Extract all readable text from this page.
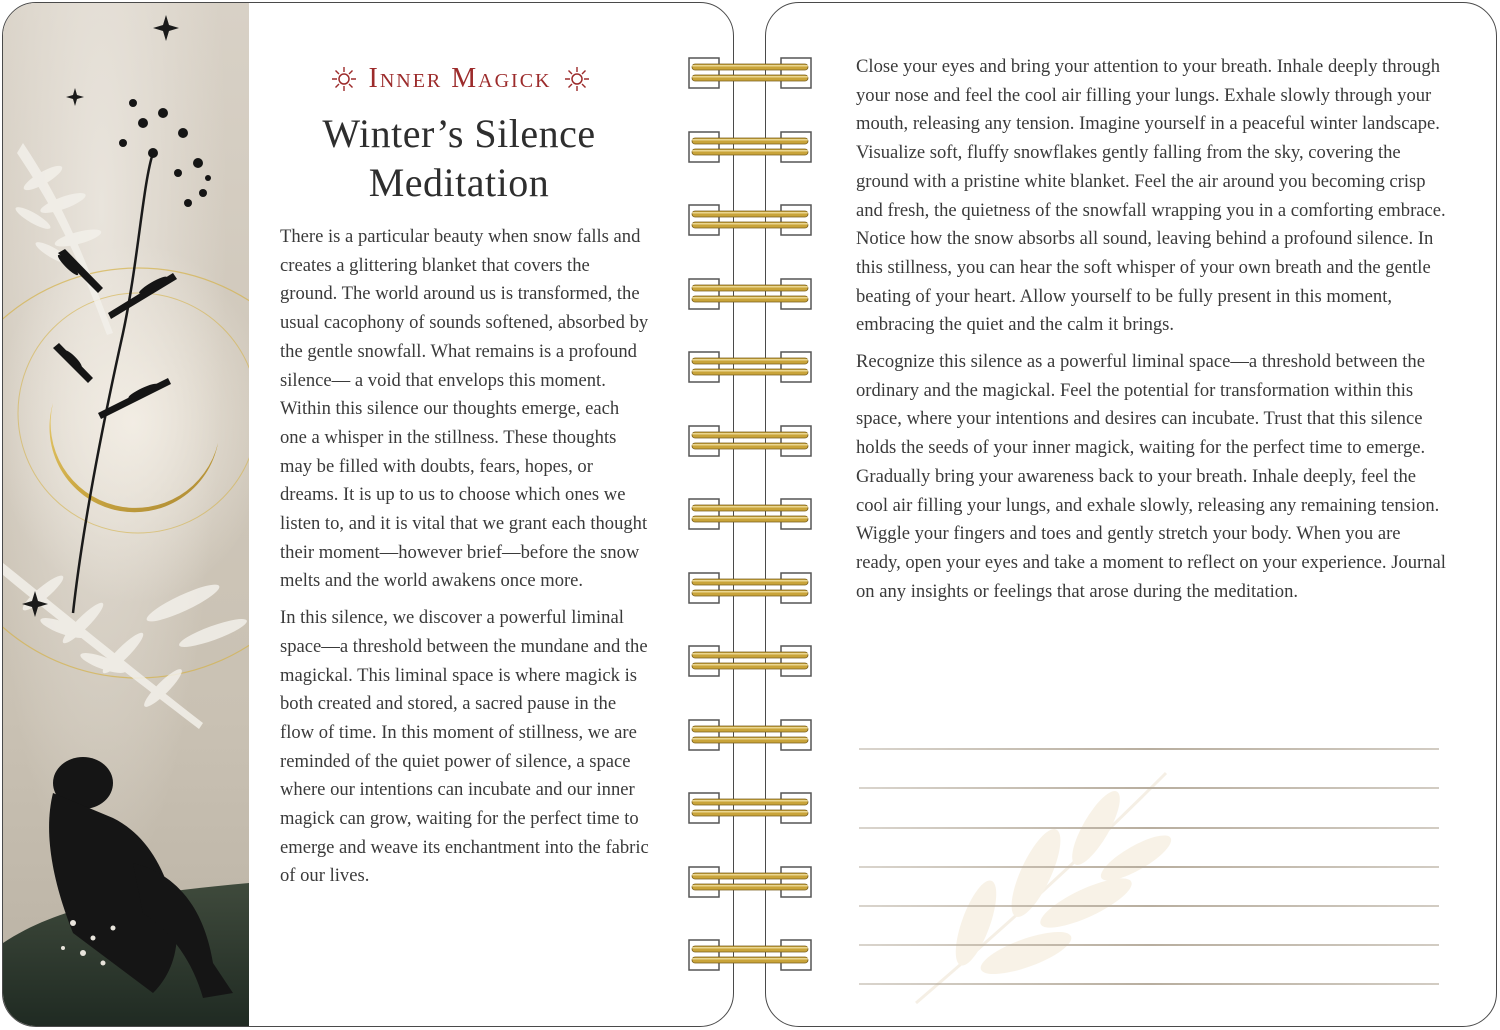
Inner Magick
Winter’s Silence
Meditation

There is a particular beauty when snow falls and creates a glittering blanket that covers the ground. The world around us is transformed, the usual cacophony of sounds softened, absorbed by the gentle snowfall. What remains is a profound silence— a void that envelops this moment. Within this silence our thoughts emerge, each one a whisper in the stillness. These thoughts may be filled with doubts, fears, hopes, or dreams. It is up to us to choose which ones we listen to, and it is vital that we grant each thought their moment—however brief—before the snow melts and the world awakens once more.

In this silence, we discover a powerful liminal space—a threshold between the mundane and the magickal. This liminal space is where magick is both created and stored, a sacred pause in the flow of time. In this moment of stillness, we are reminded of the quiet power of silence, a space where our intentions can incubate and our inner magick can grow, waiting for the perfect time to emerge and weave its enchantment into the fabric of our lives.

Close your eyes and bring your attention to your breath. Inhale deeply through your nose and feel the cool air filling your lungs. Exhale slowly through your mouth, releasing any tension. Imagine yourself in a peaceful winter landscape. Visualize soft, fluffy snowflakes gently falling from the sky, covering the ground with a pristine white blanket. Feel the air around you becoming crisp and fresh, the quietness of the snowfall wrapping you in a comforting embrace. Notice how the snow absorbs all sound, leaving behind a profound silence. In this stillness, you can hear the soft whisper of your own breath and the gentle beating of your heart. Allow yourself to be fully present in this moment, embracing the quiet and the calm it brings.

Recognize this silence as a powerful liminal space—a threshold between the ordinary and the magickal. Feel the potential for transformation within this space, where your intentions and desires can incubate. Trust that this silence holds the seeds of your inner magick, waiting for the perfect time to emerge. Gradually bring your awareness back to your breath. Inhale deeply, feel the cool air filling your lungs, and exhale slowly, releasing any remaining tension. Wiggle your fingers and toes and gently stretch your body. When you are ready, open your eyes and take a moment to reflect on your experience. Journal on any insights or feelings that arose during the meditation.
